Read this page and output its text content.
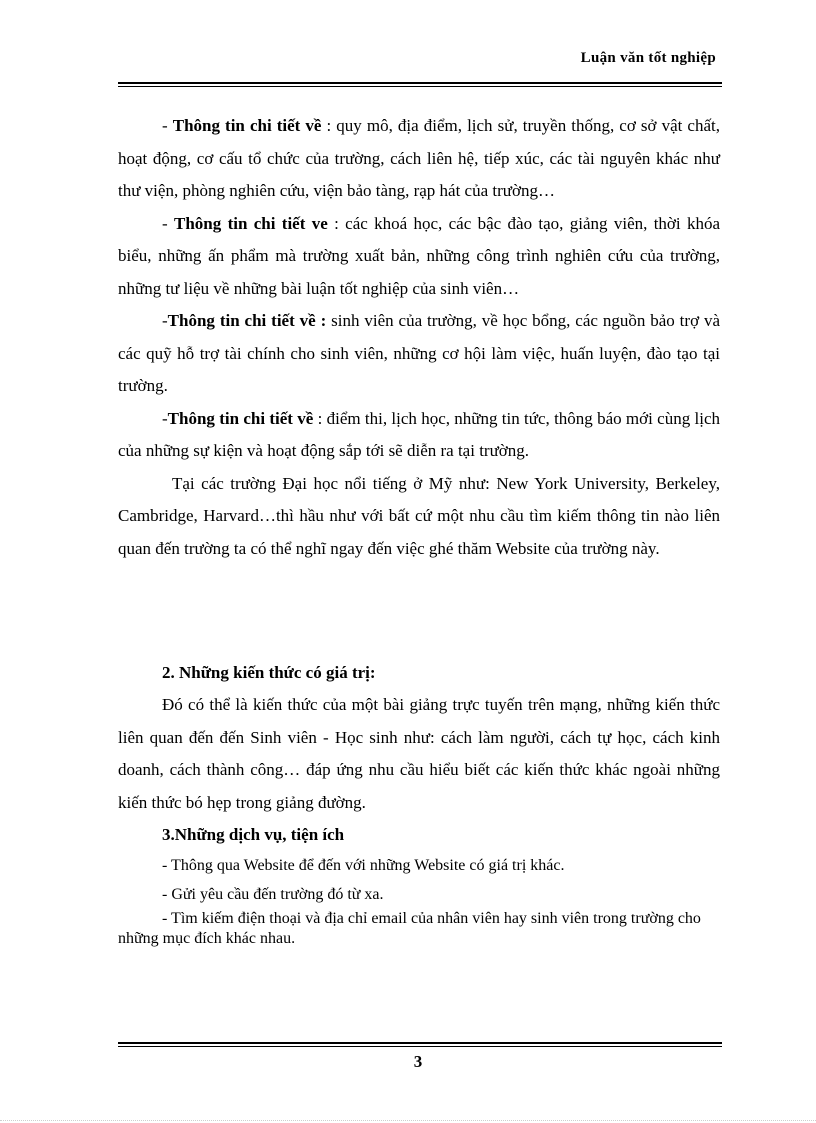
Luận văn tốt nghiệp

- Thông tin chi tiết về : quy mô, địa điểm, lịch sử, truyền thống, cơ sở vật chất, hoạt động, cơ cấu tổ chức của trường, cách liên hệ, tiếp xúc, các tài nguyên khác như thư viện, phòng nghiên cứu, viện bảo tàng, rạp hát của trường…

- Thông tin chi tiết ve : các khoá học, các bậc đào tạo, giảng viên, thời khóa biểu, những ấn phẩm mà trường xuất bản, những công trình nghiên cứu của trường, những tư liệu về những bài luận tốt nghiệp của sinh viên…

-Thông tin chi tiết về : sinh viên của trường, về học bổng, các nguồn bảo trợ và các quỹ hỗ trợ tài chính cho sinh viên, những cơ hội làm việc, huấn luyện, đào tạo tại trường.

-Thông tin chi tiết về : điểm thi, lịch học, những tin tức, thông báo mới cùng lịch của những sự kiện và hoạt động sắp tới sẽ diễn ra tại trường.

Tại các trường Đại học nổi tiếng ở Mỹ như: New York University, Berkeley, Cambridge, Harvard…thì hầu như với bất cứ một nhu cầu tìm kiếm thông tin nào liên quan đến trường ta có thể nghĩ ngay đến việc ghé thăm Website của trường này.

2. Những kiến thức có giá trị:

Đó có thể là kiến thức của một bài giảng trực tuyến trên mạng, những kiến thức liên quan đến đến Sinh viên - Học sinh như: cách làm người, cách tự học, cách kinh doanh, cách thành công… đáp ứng nhu cầu hiểu biết các kiến thức khác ngoài những kiến thức bó hẹp trong giảng đường.

3.Những dịch vụ, tiện ích

- Thông qua Website để đến với những Website có giá trị khác.

- Gửi yêu cầu đến trường đó từ xa.

- Tìm kiếm điện thoại và địa chỉ email của nhân viên hay sinh viên trong trường cho những mục đích khác nhau.

3
